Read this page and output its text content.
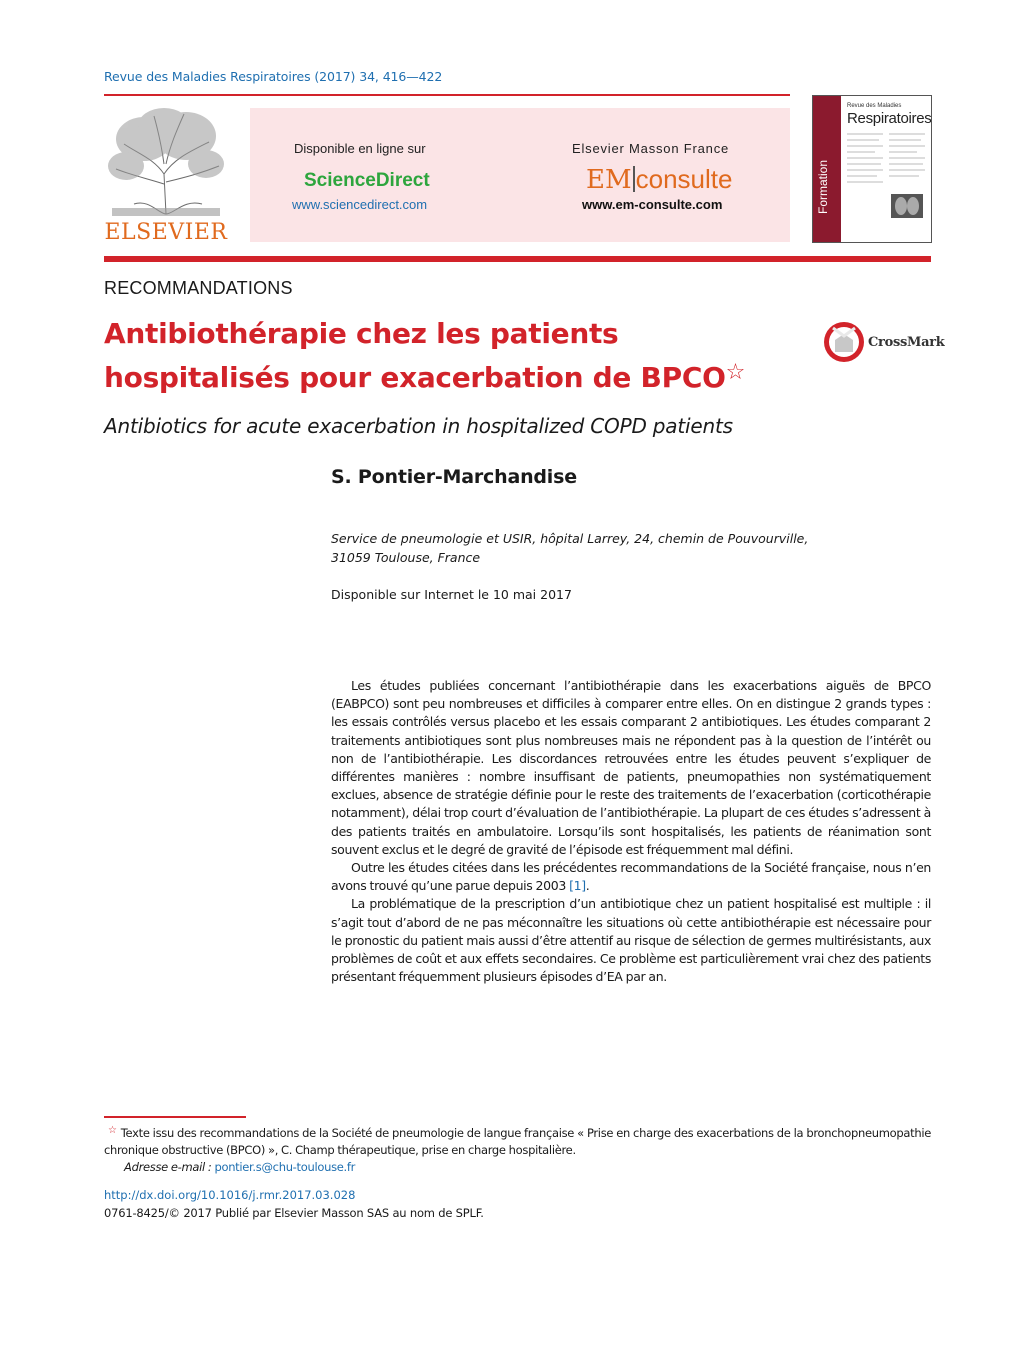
Revue des Maladies Respiratoires (2017) 34, 416—422
ELSEVIER
Disponible en ligne sur
ScienceDirect
www.sciencedirect.com
Elsevier Masson France
EM consulte
www.em-consulte.com	Formation
Revue des Maladies
Respiratoires
RECOMMANDATIONS
Antibiothérapie chez les patients
hospitalisés pour exacerbation de BPCO☆
CrossMark
Antibiotics for acute exacerbation in hospitalized COPD patients
S. Pontier-Marchandise
Service de pneumologie et USIR, hôpital Larrey, 24, chemin de Pouvourville,
31059 Toulouse, France
Disponible sur Internet le 10 mai 2017

Les études publiées concernant l’antibiothérapie dans les exacerbations aiguës de BPCO (EABPCO) sont peu nombreuses et difficiles à comparer entre elles. On en distingue 2 grands types : les essais contrôlés versus placebo et les essais comparant 2 antibiotiques. Les études comparant 2 traitements antibiotiques sont plus nombreuses mais ne répondent pas à la question de l’intérêt ou non de l’antibiothérapie. Les discordances retrouvées entre les études peuvent s’expliquer de différentes manières : nombre insuffisant de patients, pneumopathies non systématiquement exclues, absence de stratégie définie pour le reste des traitements de l’exacerbation (corticothérapie notamment), délai trop court d’évaluation de l’antibiothérapie. La plupart de ces études s’adressent à des patients traités en ambulatoire. Lorsqu’ils sont hospitalisés, les patients de réanimation sont souvent exclus et le degré de gravité de l’épisode est fréquemment mal défini.

Outre les études citées dans les précédentes recommandations de la Société française, nous n’en avons trouvé qu’une parue depuis 2003 [1].

La problématique de la prescription d’un antibiotique chez un patient hospitalisé est multiple : il s’agit tout d’abord de ne pas méconnaître les situations où cette antibiothérapie est nécessaire pour le pronostic du patient mais aussi d’être attentif au risque de sélection de germes multirésistants, aux problèmes de coût et aux effets secondaires. Ce problème est particulièrement vrai chez des patients présentant fréquemment plusieurs épisodes d’EA par an.

☆ Texte issu des recommandations de la Société de pneumologie de langue française « Prise en charge des exacerbations de la bronchopneumopathie chronique obstructive (BPCO) », C. Champ thérapeutique, prise en charge hospitalière.

Adresse e-mail : pontier.s@chu-toulouse.fr

http://dx.doi.org/10.1016/j.rmr.2017.03.028
0761-8425/© 2017 Publié par Elsevier Masson SAS au nom de SPLF.
